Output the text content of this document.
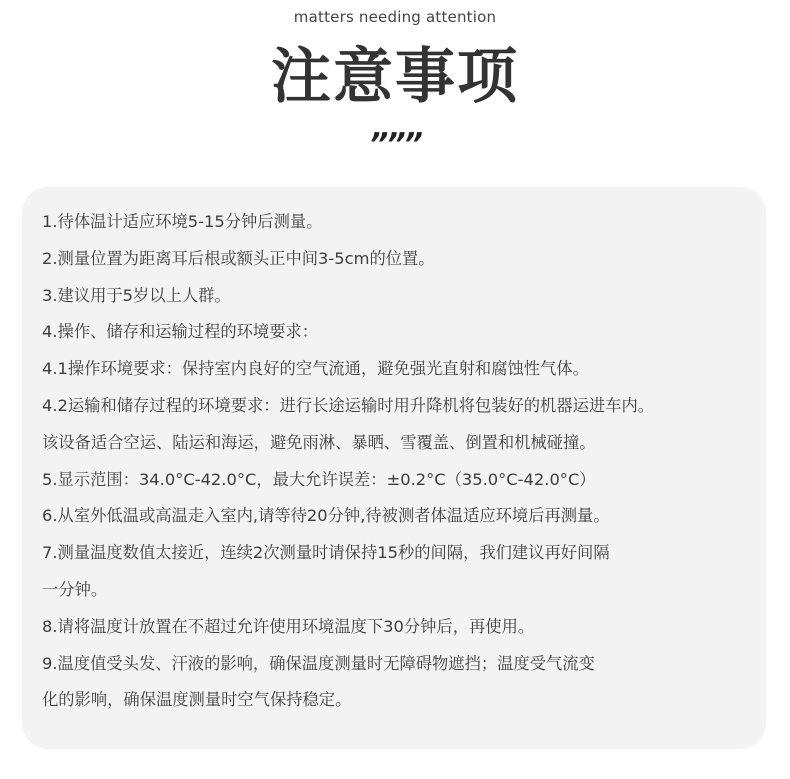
matters needing attention
注意事项
”””
1.待体温计适应环境5-15分钟后测量。
2.测量位置为距离耳后根或额头正中间3-5cm的位置。
3.建议用于5岁以上人群。
4.操作、储存和运输过程的环境要求：
4.1操作环境要求：保持室内良好的空气流通，避免强光直射和腐蚀性气体。
4.2运输和储存过程的环境要求：进行长途运输时用升降机将包装好的机器运进车内。
该设备适合空运、陆运和海运，避免雨淋、暴晒、雪覆盖、倒置和机械碰撞。
5.显示范围：34.0°C-42.0°C，最大允许误差：±0.2°C（35.0°C-42.0°C）
6.从室外低温或高温走入室内,请等待20分钟,待被测者体温适应环境后再测量。
7.测量温度数值太接近，连续2次测量时请保持15秒的间隔，我们建议再好间隔
一分钟。
8.请将温度计放置在不超过允许使用环境温度下30分钟后，再使用。
9.温度值受头发、汗液的影响，确保温度测量时无障碍物遮挡；温度受气流变
化的影响，确保温度测量时空气保持稳定。
